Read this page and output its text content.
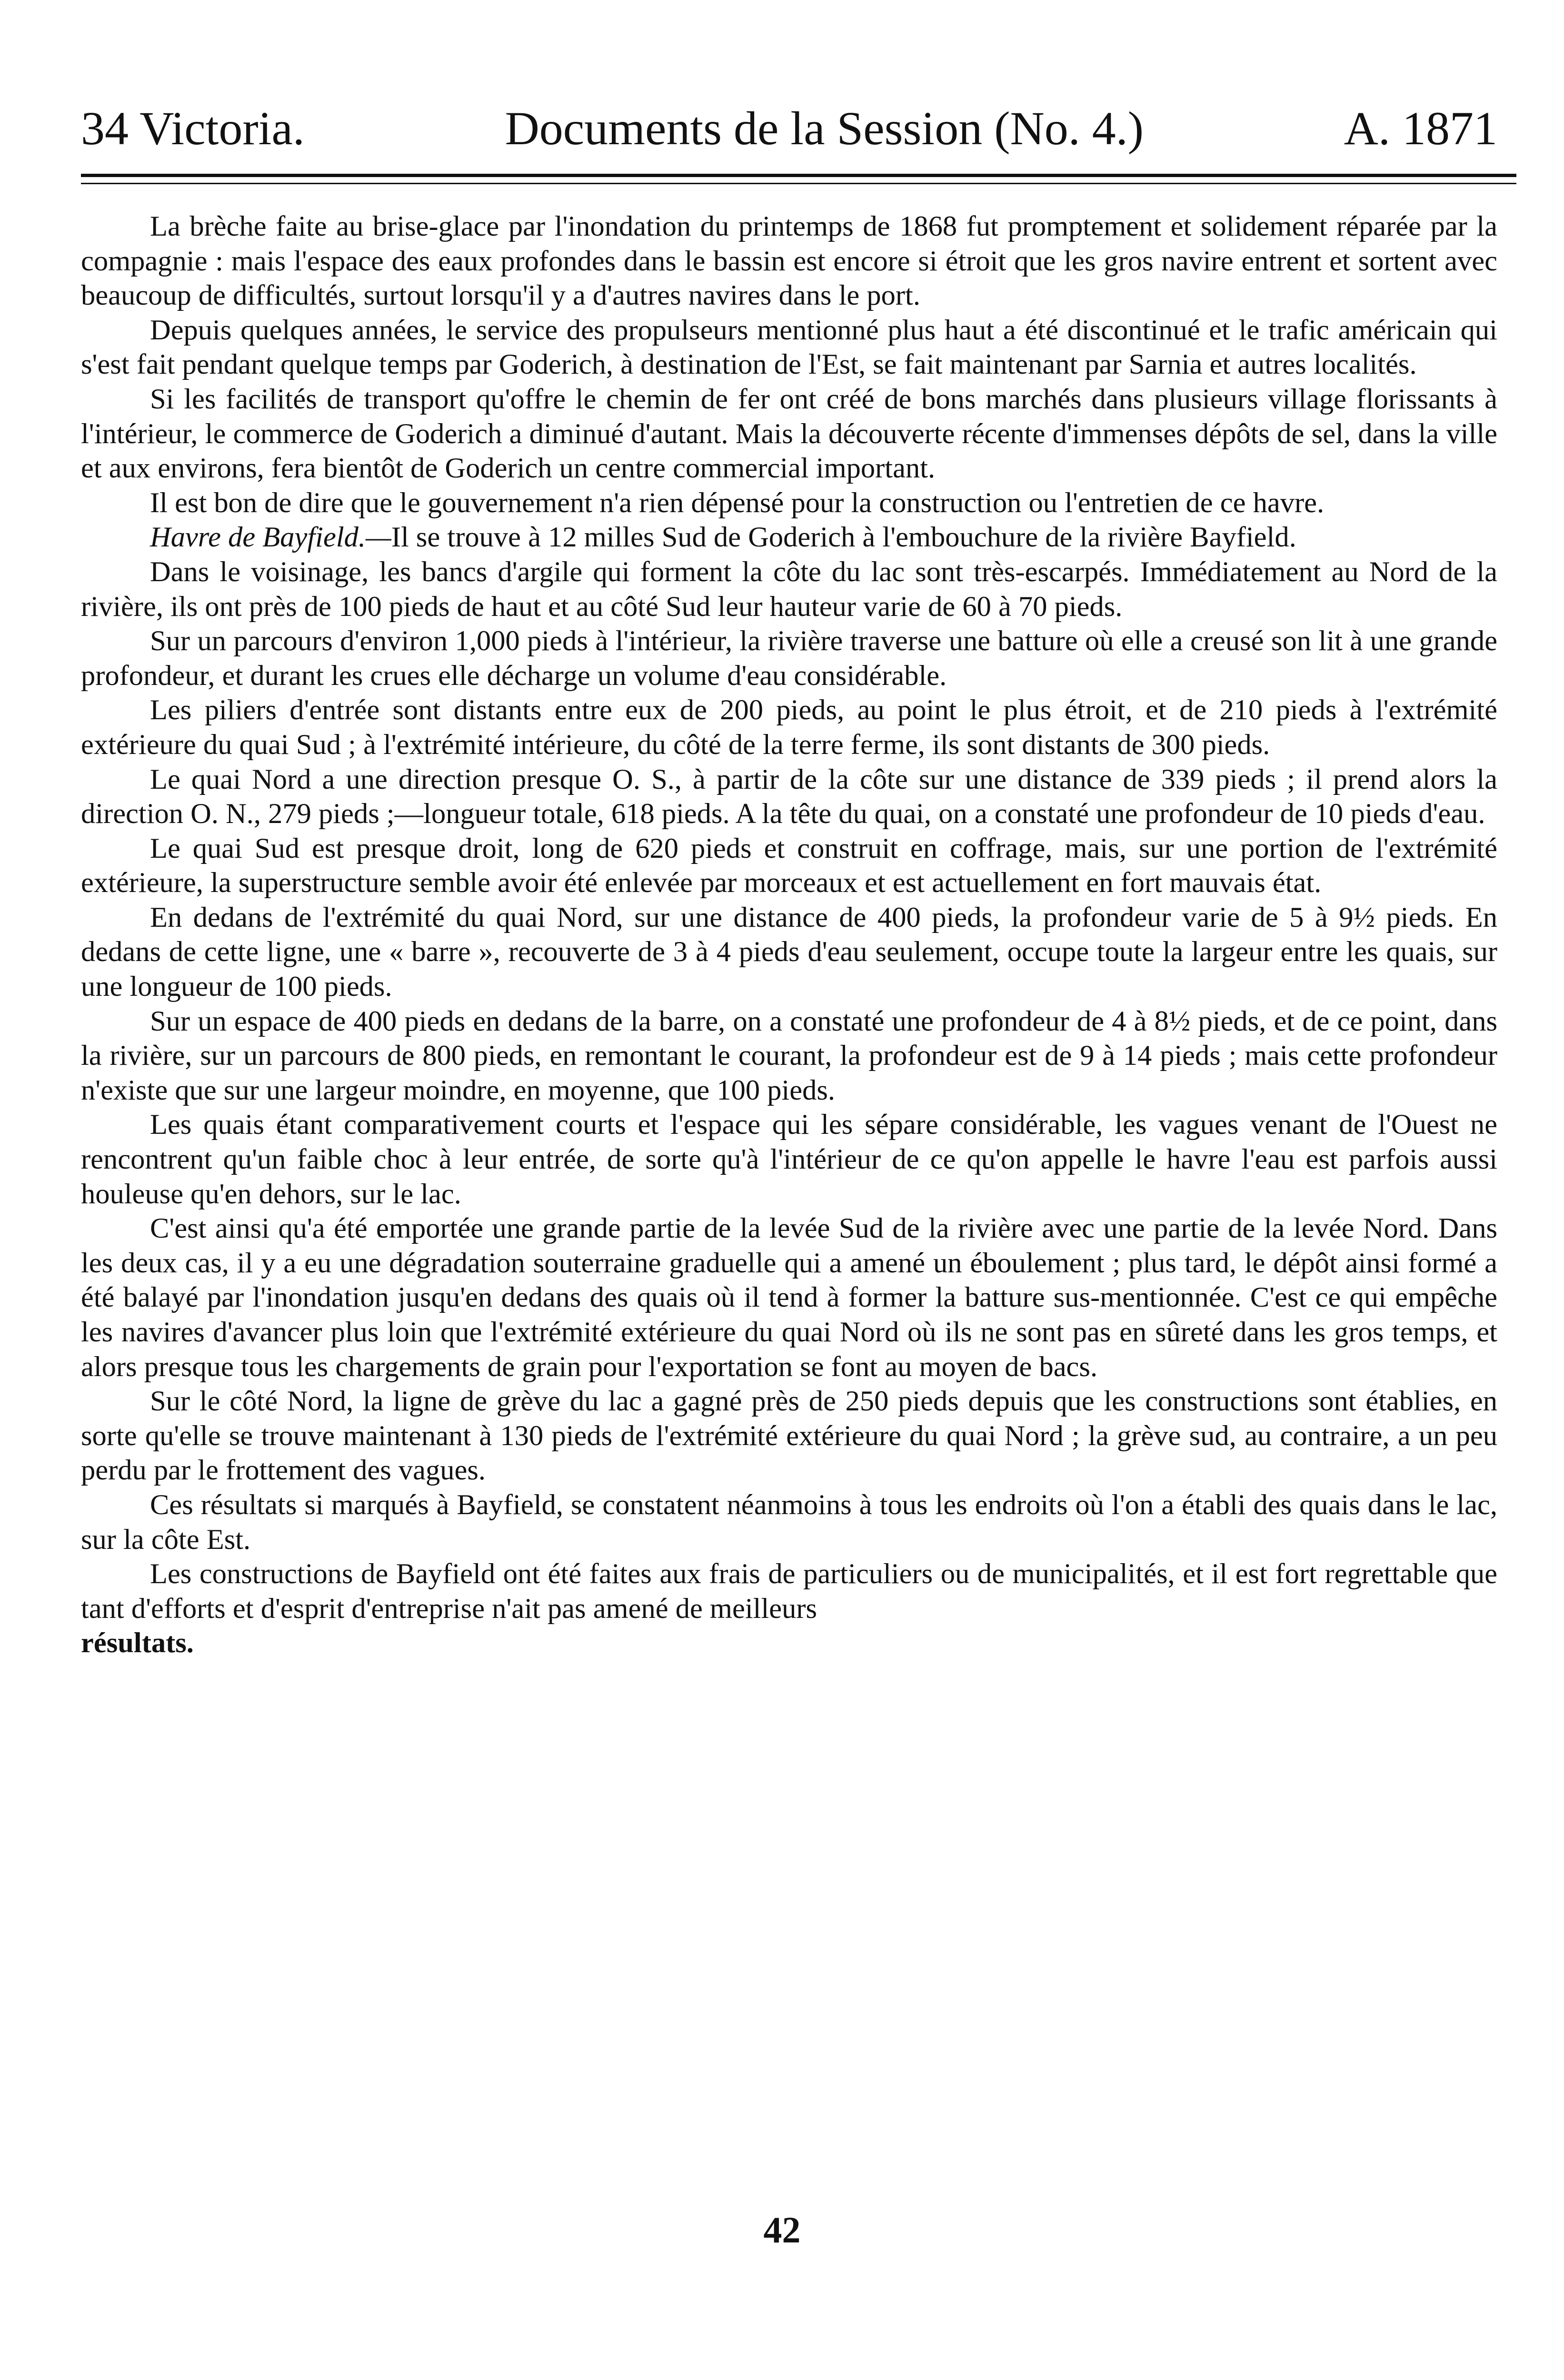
34 Victoria.	Documents de la Session (No. 4.)	A. 1871

La brèche faite au brise-glace par l'inondation du printemps de 1868 fut promptement et solidement réparée par la compagnie : mais l'espace des eaux profondes dans le bassin est encore si étroit que les gros navire entrent et sortent avec beaucoup de difficultés, surtout lorsqu'il y a d'autres navires dans le port.

Depuis quelques années, le service des propulseurs mentionné plus haut a été discontinué et le trafic américain qui s'est fait pendant quelque temps par Goderich, à destination de l'Est, se fait maintenant par Sarnia et autres localités.

Si les facilités de transport qu'offre le chemin de fer ont créé de bons marchés dans plusieurs village florissants à l'intérieur, le commerce de Goderich a diminué d'autant. Mais la découverte récente d'immenses dépôts de sel, dans la ville et aux environs, fera bientôt de Goderich un centre commercial important.

Il est bon de dire que le gouvernement n'a rien dépensé pour la construction ou l'entretien de ce havre.

Havre de Bayfield.—Il se trouve à 12 milles Sud de Goderich à l'embouchure de la rivière Bayfield.

Dans le voisinage, les bancs d'argile qui forment la côte du lac sont très-escarpés. Immédiatement au Nord de la rivière, ils ont près de 100 pieds de haut et au côté Sud leur hauteur varie de 60 à 70 pieds.

Sur un parcours d'environ 1,000 pieds à l'intérieur, la rivière traverse une batture où elle a creusé son lit à une grande profondeur, et durant les crues elle décharge un volume d'eau considérable.

Les piliers d'entrée sont distants entre eux de 200 pieds, au point le plus étroit, et de 210 pieds à l'extrémité extérieure du quai Sud ; à l'extrémité intérieure, du côté de la terre ferme, ils sont distants de 300 pieds.

Le quai Nord a une direction presque O. S., à partir de la côte sur une distance de 339 pieds ; il prend alors la direction O. N., 279 pieds ;—longueur totale, 618 pieds. A la tête du quai, on a constaté une profondeur de 10 pieds d'eau.

Le quai Sud est presque droit, long de 620 pieds et construit en coffrage, mais, sur une portion de l'extrémité extérieure, la superstructure semble avoir été enlevée par morceaux et est actuellement en fort mauvais état.

En dedans de l'extrémité du quai Nord, sur une distance de 400 pieds, la profondeur varie de 5 à 9½ pieds. En dedans de cette ligne, une « barre », recouverte de 3 à 4 pieds d'eau seulement, occupe toute la largeur entre les quais, sur une longueur de 100 pieds.

Sur un espace de 400 pieds en dedans de la barre, on a constaté une profondeur de 4 à 8½ pieds, et de ce point, dans la rivière, sur un parcours de 800 pieds, en remontant le courant, la profondeur est de 9 à 14 pieds ; mais cette profondeur n'existe que sur une largeur moindre, en moyenne, que 100 pieds.

Les quais étant comparativement courts et l'espace qui les sépare considérable, les vagues venant de l'Ouest ne rencontrent qu'un faible choc à leur entrée, de sorte qu'à l'intérieur de ce qu'on appelle le havre l'eau est parfois aussi houleuse qu'en dehors, sur le lac.

C'est ainsi qu'a été emportée une grande partie de la levée Sud de la rivière avec une partie de la levée Nord. Dans les deux cas, il y a eu une dégradation souterraine graduelle qui a amené un éboulement ; plus tard, le dépôt ainsi formé a été balayé par l'inondation jusqu'en dedans des quais où il tend à former la batture sus-mentionnée. C'est ce qui empêche les navires d'avancer plus loin que l'extrémité extérieure du quai Nord où ils ne sont pas en sûreté dans les gros temps, et alors presque tous les chargements de grain pour l'exportation se font au moyen de bacs.

Sur le côté Nord, la ligne de grève du lac a gagné près de 250 pieds depuis que les constructions sont établies, en sorte qu'elle se trouve maintenant à 130 pieds de l'extrémité extérieure du quai Nord ; la grève sud, au contraire, a un peu perdu par le frottement des vagues.

Ces résultats si marqués à Bayfield, se constatent néanmoins à tous les endroits où l'on a établi des quais dans le lac, sur la côte Est.

Les constructions de Bayfield ont été faites aux frais de particuliers ou de municipalités, et il est fort regrettable que tant d'efforts et d'esprit d'entreprise n'ait pas amené de meilleurs
résultats.

42
